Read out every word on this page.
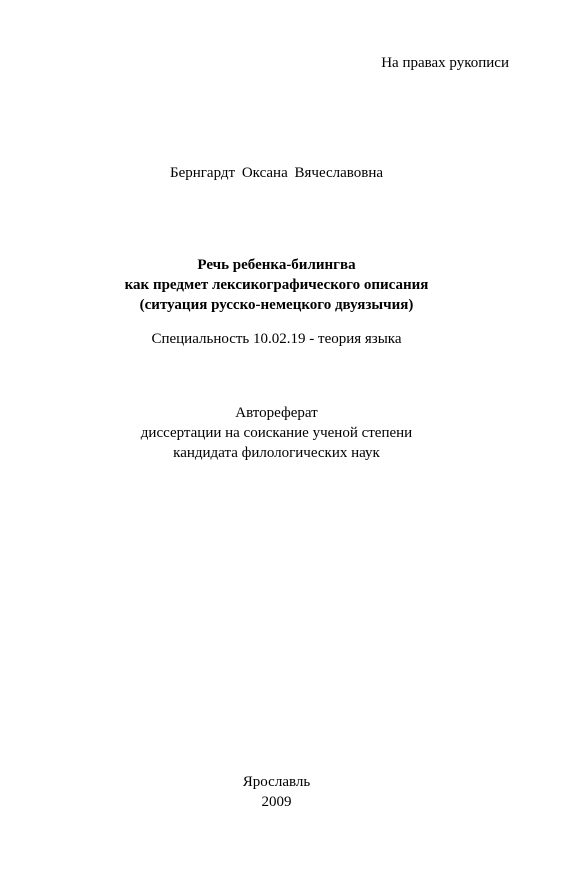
На правах рукописи
Бернгардт Оксана Вячеславовна
Речь ребенка-билингва
как предмет лексикографического описания
(ситуация русско-немецкого двуязычия)
Специальность 10.02.19 - теория языка
Автореферат
диссертации на соискание ученой степени
кандидата филологических наук
Ярославль
2009
